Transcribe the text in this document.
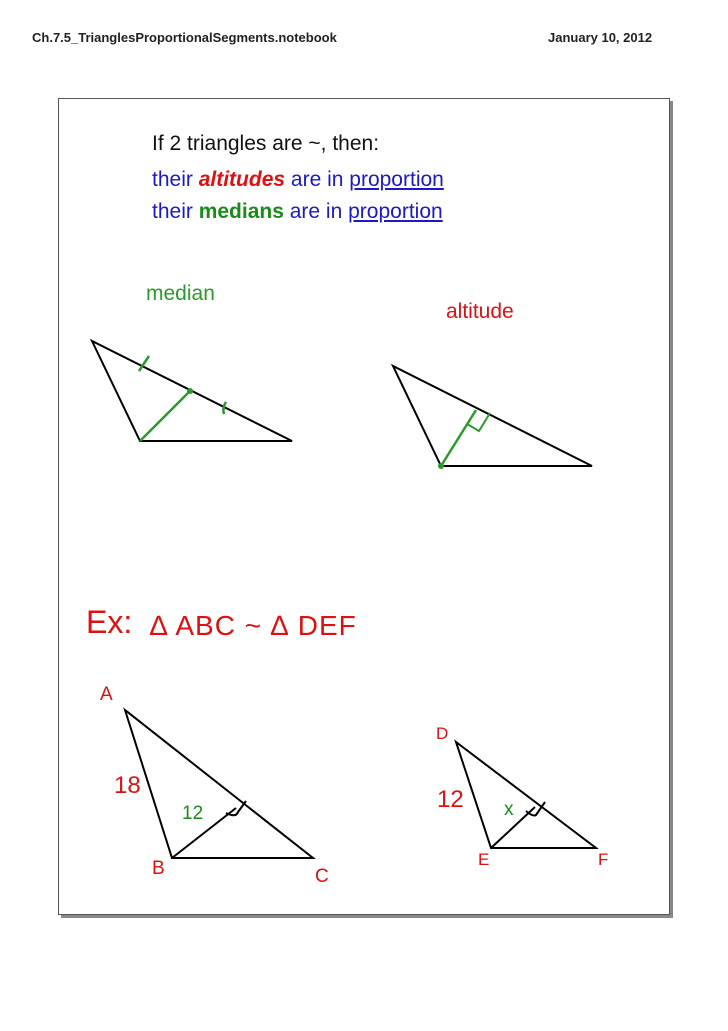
Ch.7.5_TrianglesProportionalSegments.notebook	January 10, 2012
If 2 triangles are ~, then:
their altitudes are in proportion
their medians are in proportion
median
altitude
Ex: ∆ ABC ~ ∆ DEF
A
B	C
18
12
D
E	F
12 x
